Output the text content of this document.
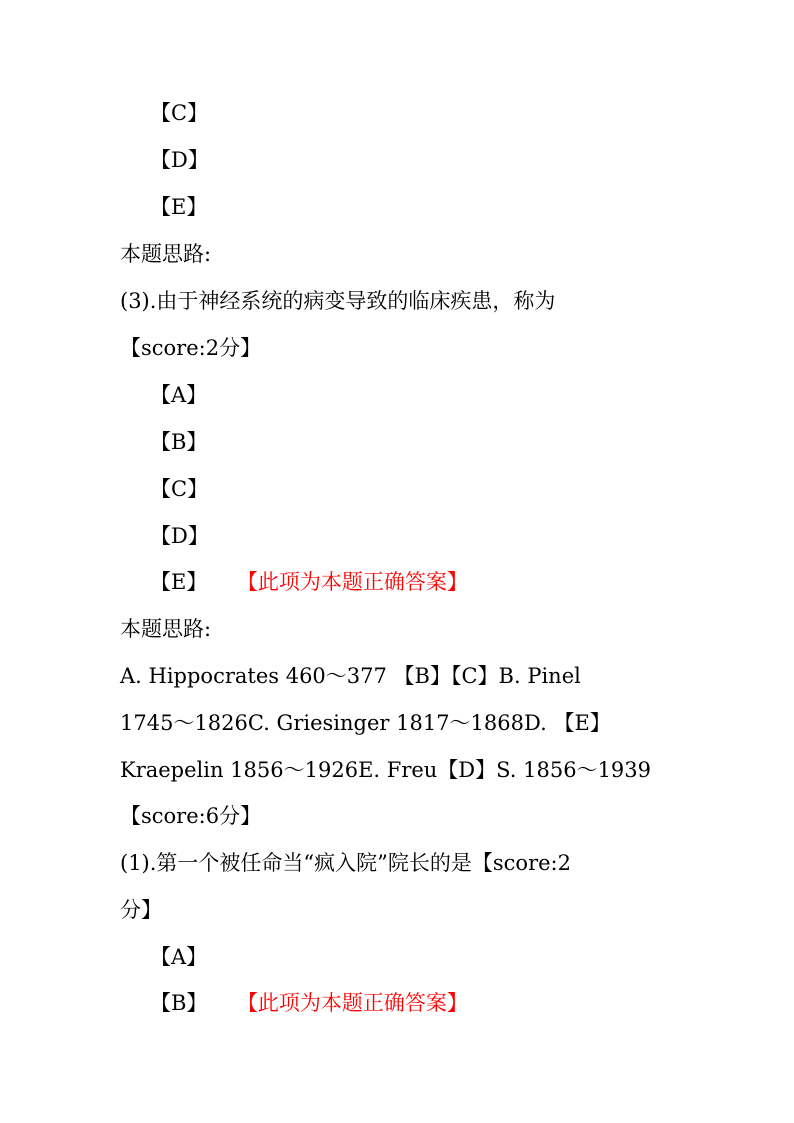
【C】
【D】
【E】
本题思路:
(3).由于神经系统的病变导致的临床疾患，称为
【score:2分】
【A】
【B】
【C】
【D】
【E】 【此项为本题正确答案】
本题思路:
A. Hippocrates 460～377 【B】【C】B. Pinel
1745～1826C. Griesinger 1817～1868D. 【E】
Kraepelin 1856～1926E. Freu【D】S. 1856～1939
【score:6分】
(1).第一个被任命当“疯入院”院长的是【score:2
分】
【A】
【B】 【此项为本题正确答案】
